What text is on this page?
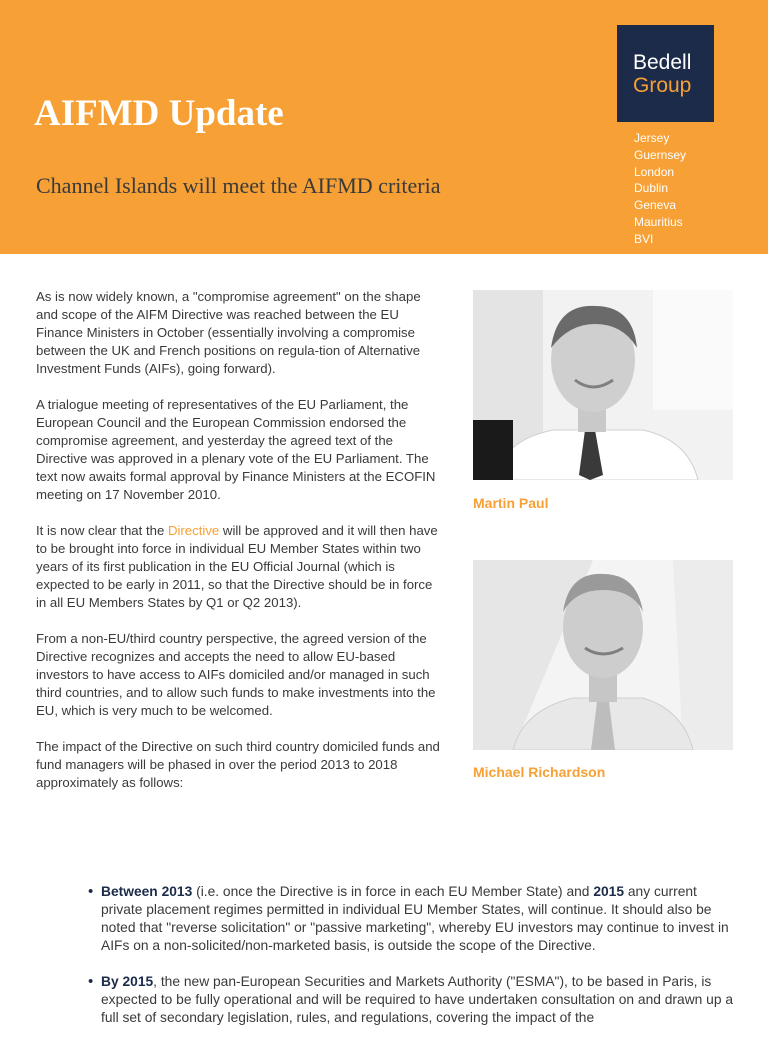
AIFMD Update
Channel Islands will meet the AIFMD criteria
Bedell
Group
Jersey
Guernsey
London
Dublin
Geneva
Mauritius
BVI

As is now widely known, a "compromise agreement" on the shape and scope of the AIFM Directive was reached between the EU Finance Ministers in October (essentially involving a compromise between the UK and French positions on regula-tion of Alternative Investment Funds (AIFs), going forward).

A trialogue meeting of representatives of the EU Parliament, the European Council and the European Commission endorsed the compromise agreement, and yesterday the agreed text of the Directive was approved in a plenary vote of the EU Parliament. The text now awaits formal approval by Finance Ministers at the ECOFIN meeting on 17 November 2010.

It is now clear that the Directive will be approved and it will then have to be brought into force in individual EU Member States within two years of its first publication in the EU Official Journal (which is expected to be early in 2011, so that the Directive should be in force in all EU Members States by Q1 or Q2 2013).

From a non-EU/third country perspective, the agreed version of the Directive recognizes and accepts the need to allow EU-based investors to have access to AIFs domiciled and/or managed in such third countries, and to allow such funds to make investments into the EU, which is very much to be welcomed.

The impact of the Directive on such third country domiciled funds and fund managers will be phased in over the period 2013 to 2018 approximately as follows:

Martin Paul
Michael Richardson
• Between 2013 (i.e. once the Directive is in force in each EU Member State) and 2015 any current private placement regimes permitted in individual EU Member States, will continue. It should also be noted that "reverse solicitation" or "passive marketing", whereby EU investors may continue to invest in AIFs on a non-solicited/non-marketed basis, is outside the scope of the Directive.
• By 2015, the new pan-European Securities and Markets Authority ("ESMA"), to be based in Paris, is expected to be fully operational and will be required to have undertaken consultation on and drawn up a full set of secondary legislation, rules, and regulations, covering the impact of the
